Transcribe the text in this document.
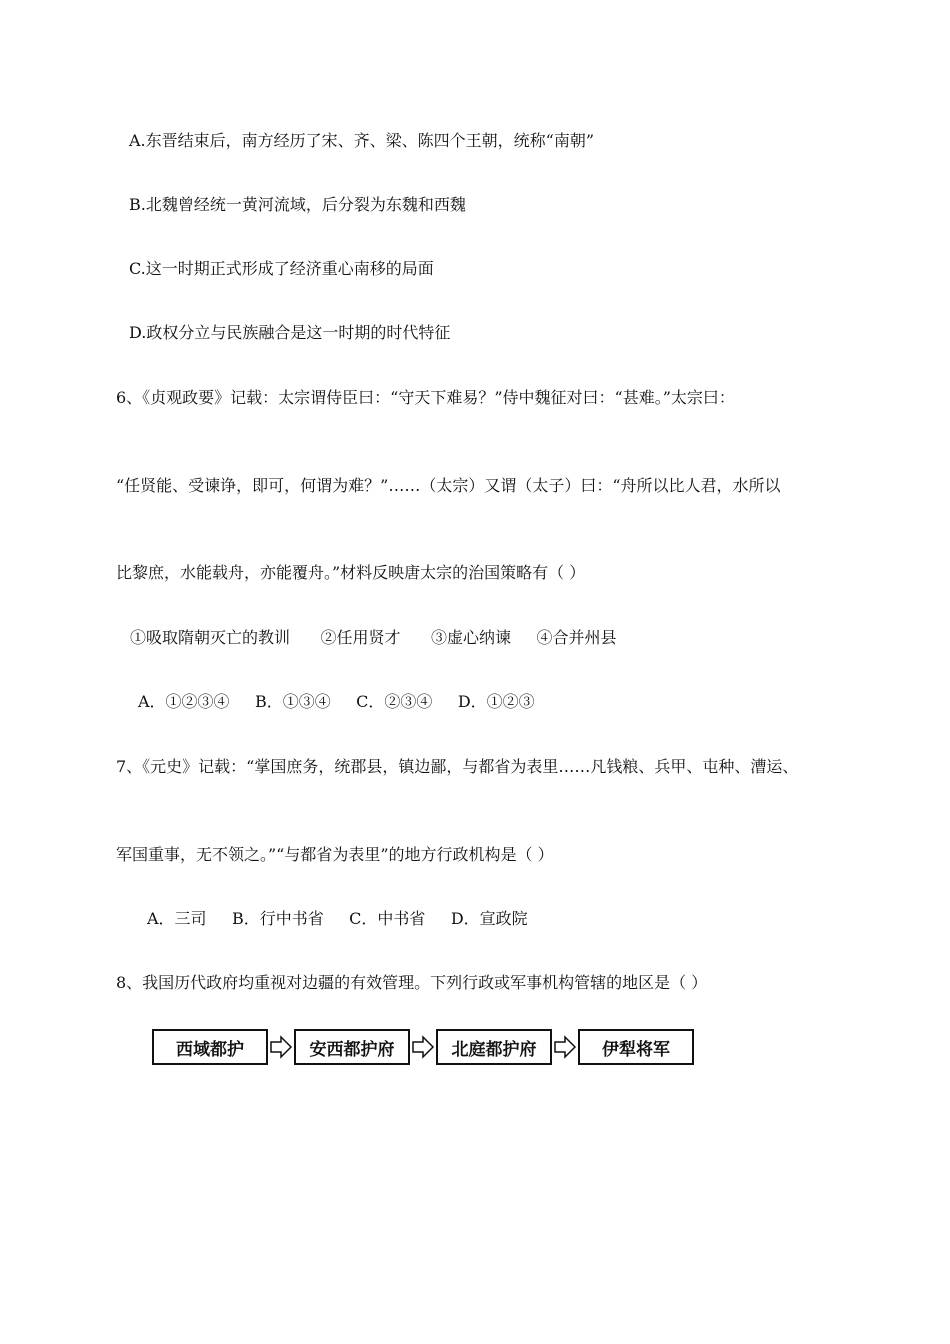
A.东晋结束后，南方经历了宋、齐、梁、陈四个王朝，统称“南朝”
B.北魏曾经统一黄河流域，后分裂为东魏和西魏
C.这一时期正式形成了经济重心南移的局面
D.政权分立与民族融合是这一时期的时代特征
6、《贞观政要》记载：太宗谓侍臣曰：“守天下难易？”侍中魏征对曰：“甚难。”太宗曰：
“任贤能、受谏诤，即可，何谓为难？”……（太宗）又谓（太子）曰：“舟所以比人君，水所以
比黎庶，水能载舟，亦能覆舟。”材料反映唐太宗的治国策略有（ ）
①吸取隋朝灭亡的教训      ②任用贤才      ③虚心纳谏     ④合并州县
A．①②③④     B．①③④     C．②③④     D．①②③
7、《元史》记载：“掌国庶务，统郡县，镇边鄙，与都省为表里……凡钱粮、兵甲、屯种、漕运、
军国重事，无不领之。”“与都省为表里”的地方行政机构是（ ）
A．三司     B．行中书省     C．中书省     D．宣政院
8、我国历代政府均重视对边疆的有效管理。下列行政或军事机构管辖的地区是（ ）
西域都护	安西都护府	北庭都护府	伊犁将军
